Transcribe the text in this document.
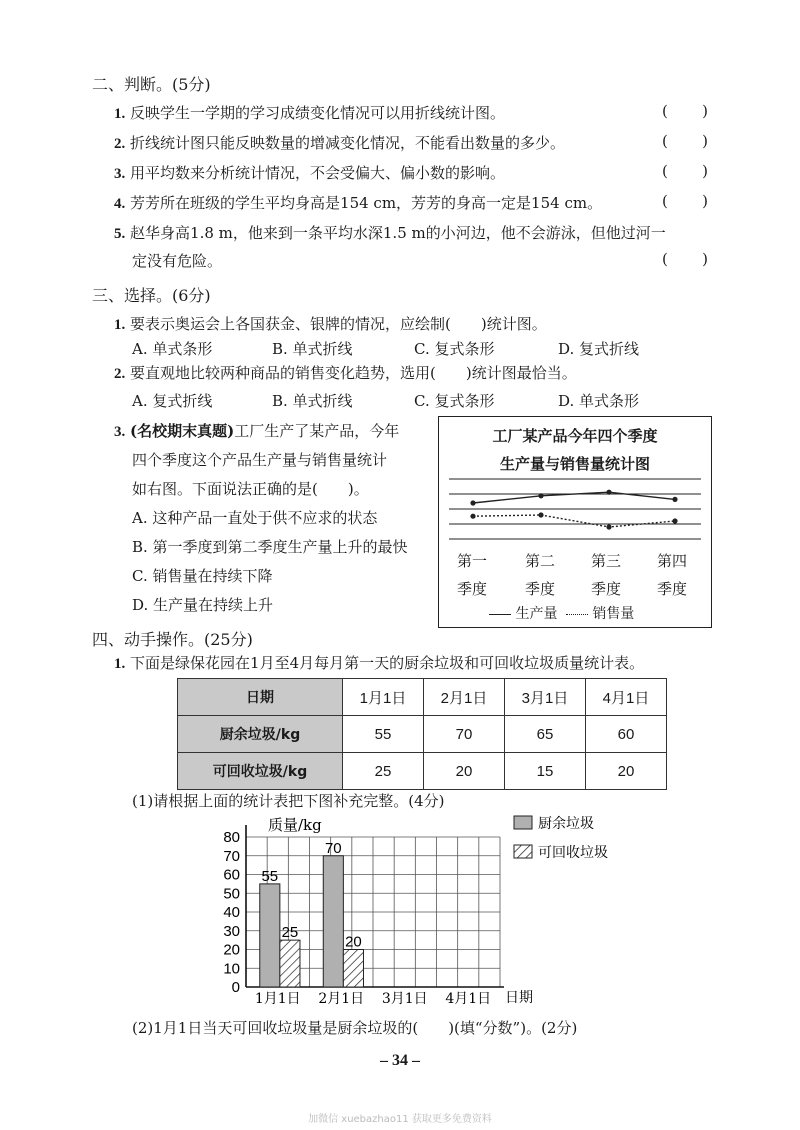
二、判断。(5分)
1. 反映学生一学期的学习成绩变化情况可以用折线统计图。
2. 折线统计图只能反映数量的增减变化情况，不能看出数量的多少。
3. 用平均数来分析统计情况，不会受偏大、偏小数的影响。
4. 芳芳所在班级的学生平均身高是154 cm，芳芳的身高一定是154 cm。
5. 赵华身高1.8 m，他来到一条平均水深1.5 m的小河边，他不会游泳，但他过河一
定没有危险。
三、选择。(6分)
1. 要表示奥运会上各国获金、银牌的情况，应绘制(　　)统计图。
A. 单式条形	B. 单式折线	C. 复式条形	D. 复式折线
2. 要直观地比较两种商品的销售变化趋势，选用(　　)统计图最恰当。
A. 复式折线	B. 单式折线	C. 复式条形	D. 单式条形
3. (名校期末真题)工厂生产了某产品，今年
四个季度这个产品生产量与销售量统计
如右图。下面说法正确的是(　　)。
A. 这种产品一直处于供不应求的状态
B. 第一季度到第二季度生产量上升的最快
C. 销售量在持续下降
D. 生产量在持续上升
工厂某产品今年四个季度
生产量与销售量统计图
第一
季度
第二
季度
第三
季度
第四
季度
生产量 销售量
四、动手操作。(25分)
1. 下面是绿保花园在1月至4月每月第一天的厨余垃圾和可回收垃圾质量统计表。
日期	1月1日	2月1日	3月1日	4月1日
厨余垃圾/kg	55	70	65	60
可回收垃圾/kg	25	20	15	20
(1)请根据上面的统计表把下图补充完整。(4分)
0
10
20
30
40
50
60
70
80
55
25
70
20
1月1日 2月1日 3月1日 4月1日
质量/kg
日期
厨余垃圾
可回收垃圾
(2)1月1日当天可回收垃圾量是厨余垃圾的(　　)(填“分数”)。(2分)
– 34 –
加微信 xuebazhao11 获取更多免费资料
